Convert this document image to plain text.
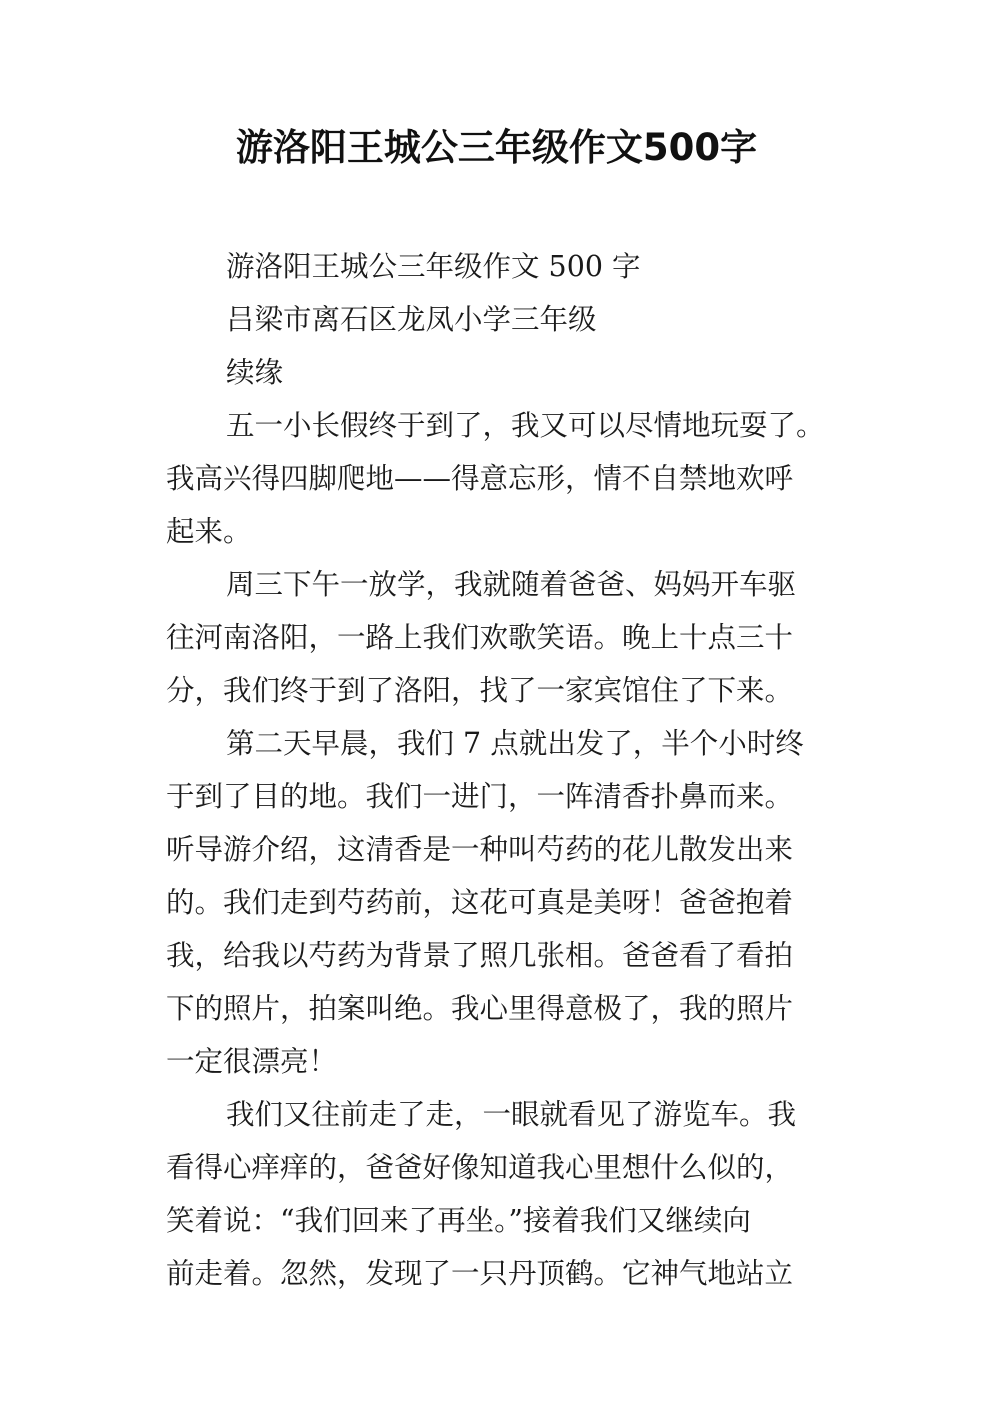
游洛阳王城公三年级作文500字

游洛阳王城公三年级作文 500 字

吕梁市离石区龙凤小学三年级

续缘

五一小长假终于到了，我又可以尽情地玩耍了。
我高兴得四脚爬地——得意忘形，情不自禁地欢呼
起来。

周三下午一放学，我就随着爸爸、妈妈开车驱
往河南洛阳，一路上我们欢歌笑语。晚上十点三十
分，我们终于到了洛阳，找了一家宾馆住了下来。

第二天早晨，我们 7 点就出发了，半个小时终
于到了目的地。我们一进门，一阵清香扑鼻而来。
听导游介绍，这清香是一种叫芍药的花儿散发出来
的。我们走到芍药前，这花可真是美呀！爸爸抱着
我，给我以芍药为背景了照几张相。爸爸看了看拍
下的照片，拍案叫绝。我心里得意极了，我的照片
一定很漂亮！

我们又往前走了走，一眼就看见了游览车。我
看得心痒痒的，爸爸好像知道我心里想什么似的，
笑着说：“我们回来了再坐。”接着我们又继续向
前走着。忽然，发现了一只丹顶鹤。它神气地站立
